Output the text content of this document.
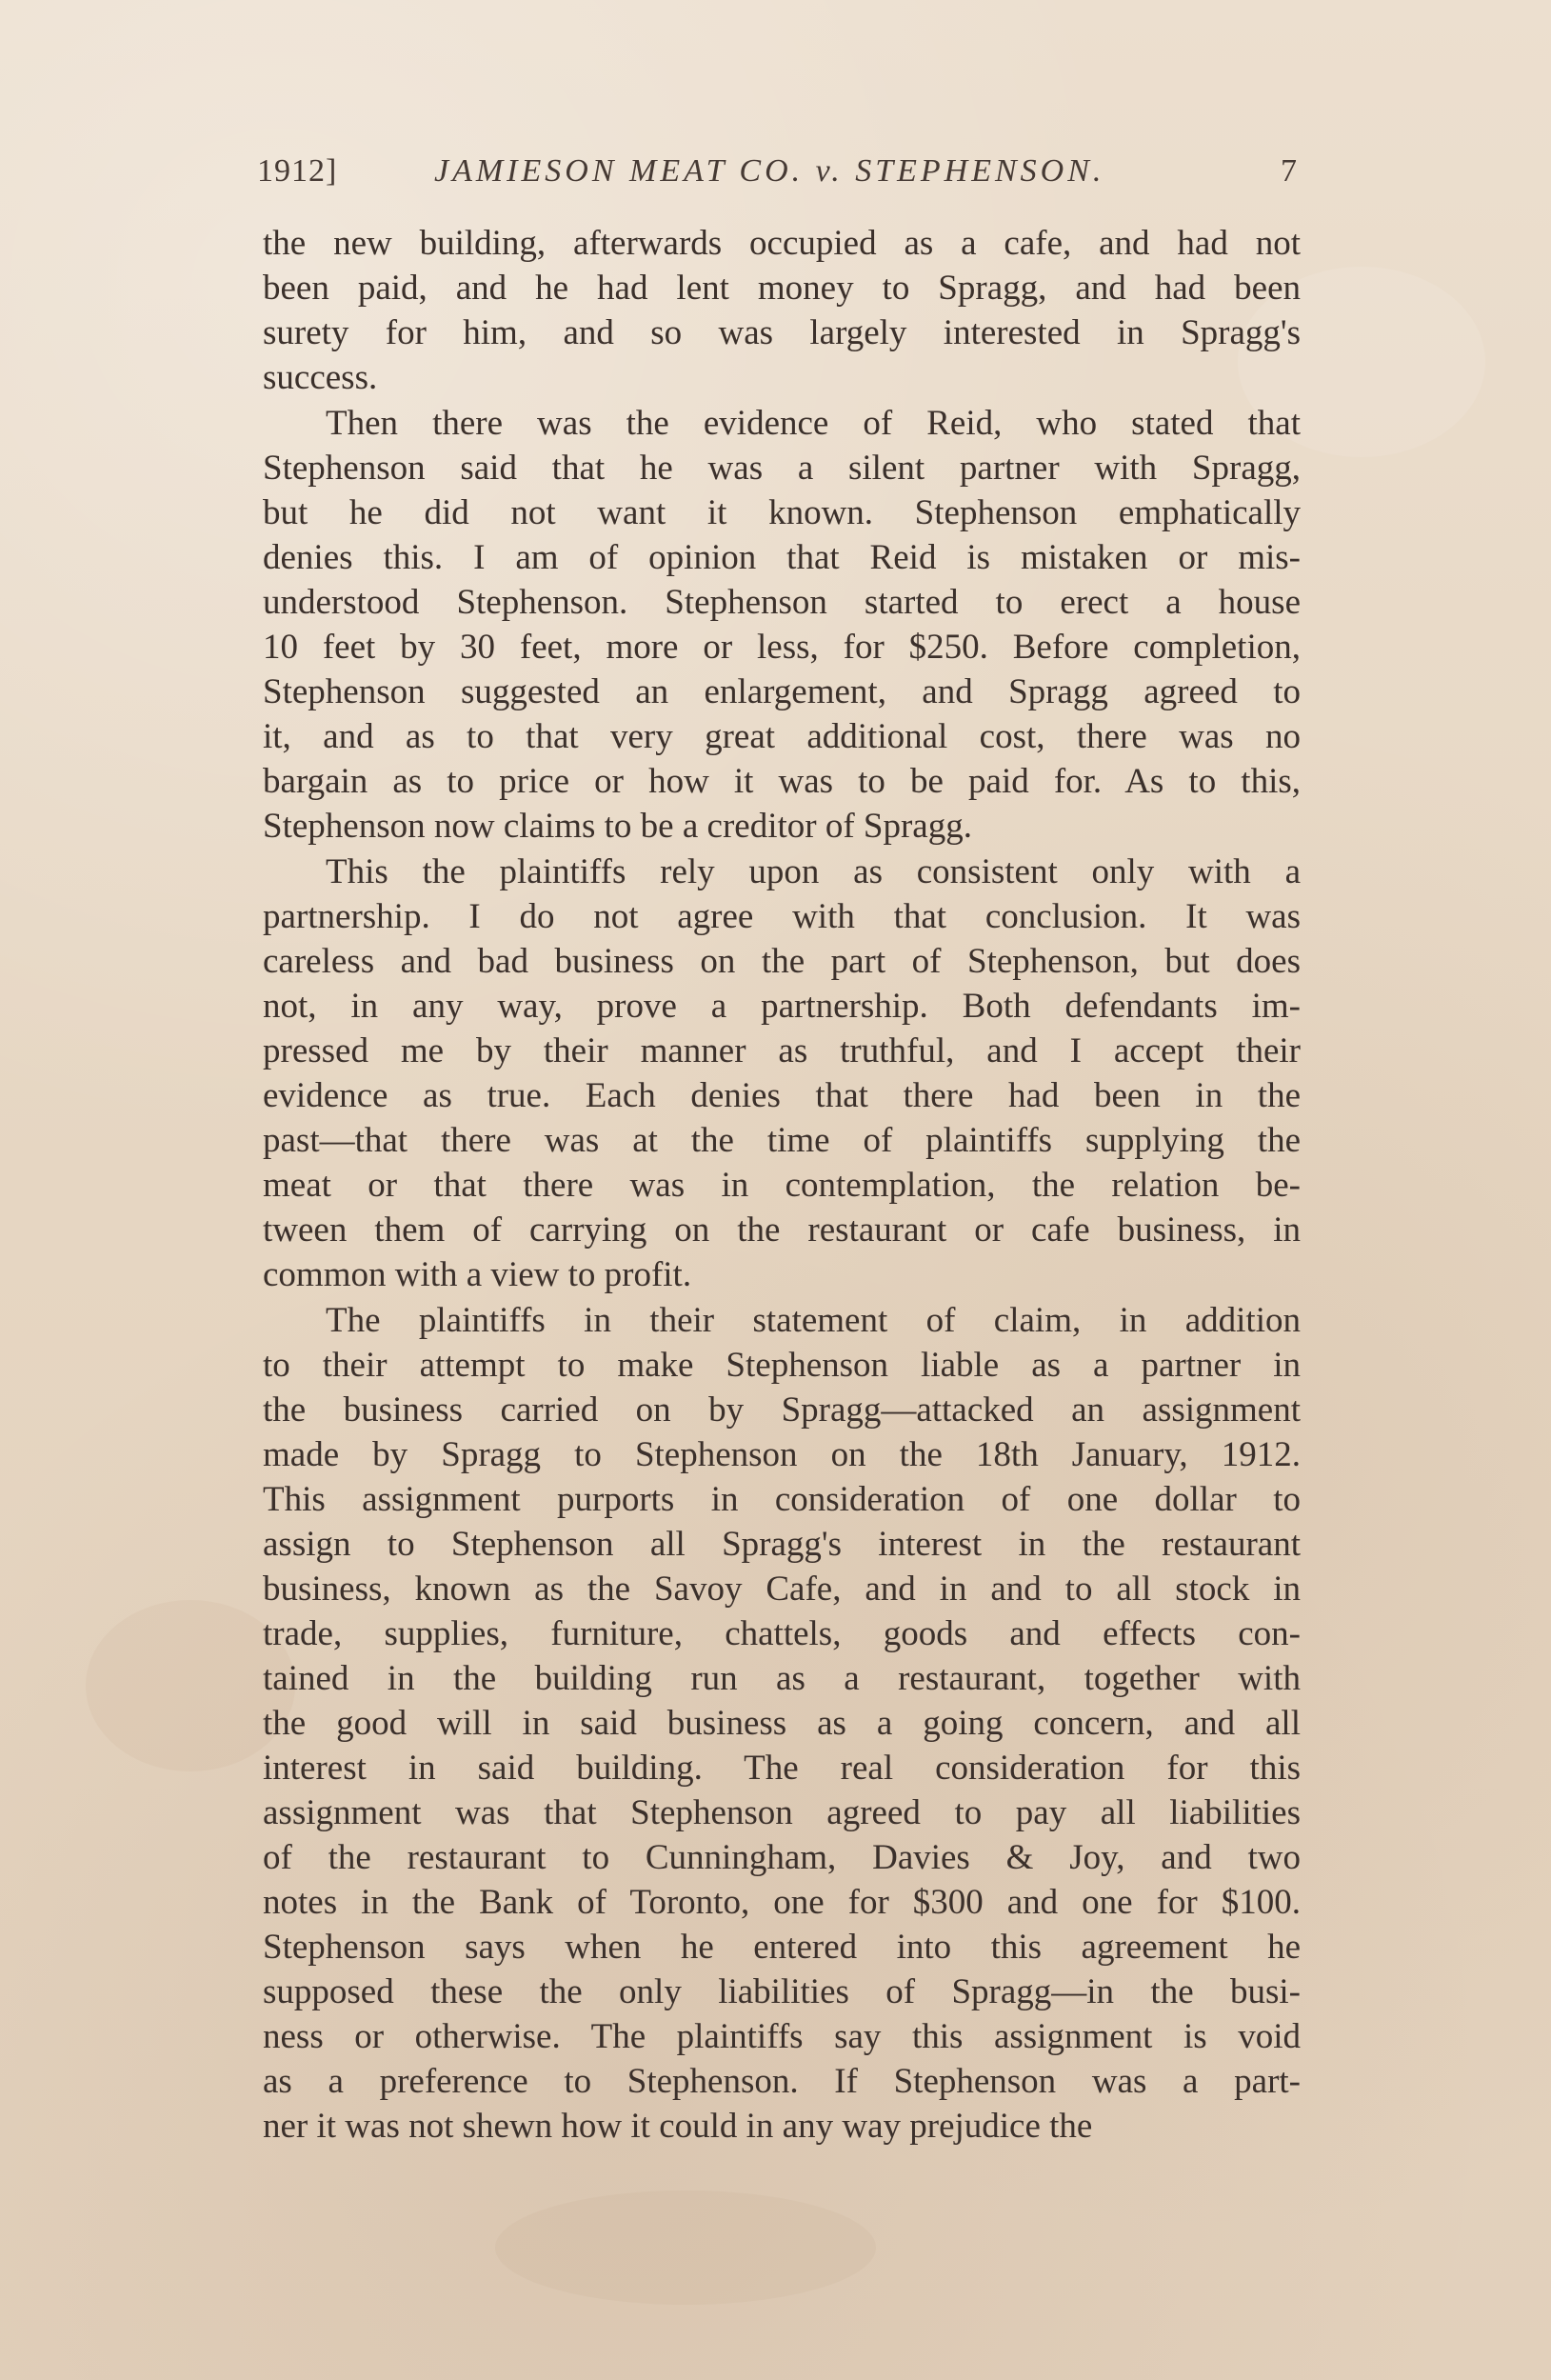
1912]	JAMIESON MEAT CO. v. STEPHENSON.	7

the new building, afterwards occupied as a cafe, and had not
been paid, and he had lent money to Spragg, and had been
surety for him, and so was largely interested in Spragg's
success.

Then there was the evidence of Reid, who stated that
Stephenson said that he was a silent partner with Spragg,
but he did not want it known. Stephenson emphatically
denies this. I am of opinion that Reid is mistaken or mis-
understood Stephenson. Stephenson started to erect a house
10 feet by 30 feet, more or less, for $250. Before completion,
Stephenson suggested an enlargement, and Spragg agreed to
it, and as to that very great additional cost, there was no
bargain as to price or how it was to be paid for. As to this,
Stephenson now claims to be a creditor of Spragg.

This the plaintiffs rely upon as consistent only with a
partnership. I do not agree with that conclusion. It was
careless and bad business on the part of Stephenson, but does
not, in any way, prove a partnership. Both defendants im-
pressed me by their manner as truthful, and I accept their
evidence as true. Each denies that there had been in the
past—that there was at the time of plaintiffs supplying the
meat or that there was in contemplation, the relation be-
tween them of carrying on the restaurant or cafe business, in
common with a view to profit.

The plaintiffs in their statement of claim, in addition
to their attempt to make Stephenson liable as a partner in
the business carried on by Spragg—attacked an assignment
made by Spragg to Stephenson on the 18th January, 1912.
This assignment purports in consideration of one dollar to
assign to Stephenson all Spragg's interest in the restaurant
business, known as the Savoy Cafe, and in and to all stock in
trade, supplies, furniture, chattels, goods and effects con-
tained in the building run as a restaurant, together with
the good will in said business as a going concern, and all
interest in said building. The real consideration for this
assignment was that Stephenson agreed to pay all liabilities
of the restaurant to Cunningham, Davies & Joy, and two
notes in the Bank of Toronto, one for $300 and one for $100.
Stephenson says when he entered into this agreement he
supposed these the only liabilities of Spragg—in the busi-
ness or otherwise. The plaintiffs say this assignment is void
as a preference to Stephenson. If Stephenson was a part-
ner it was not shewn how it could in any way prejudice the
